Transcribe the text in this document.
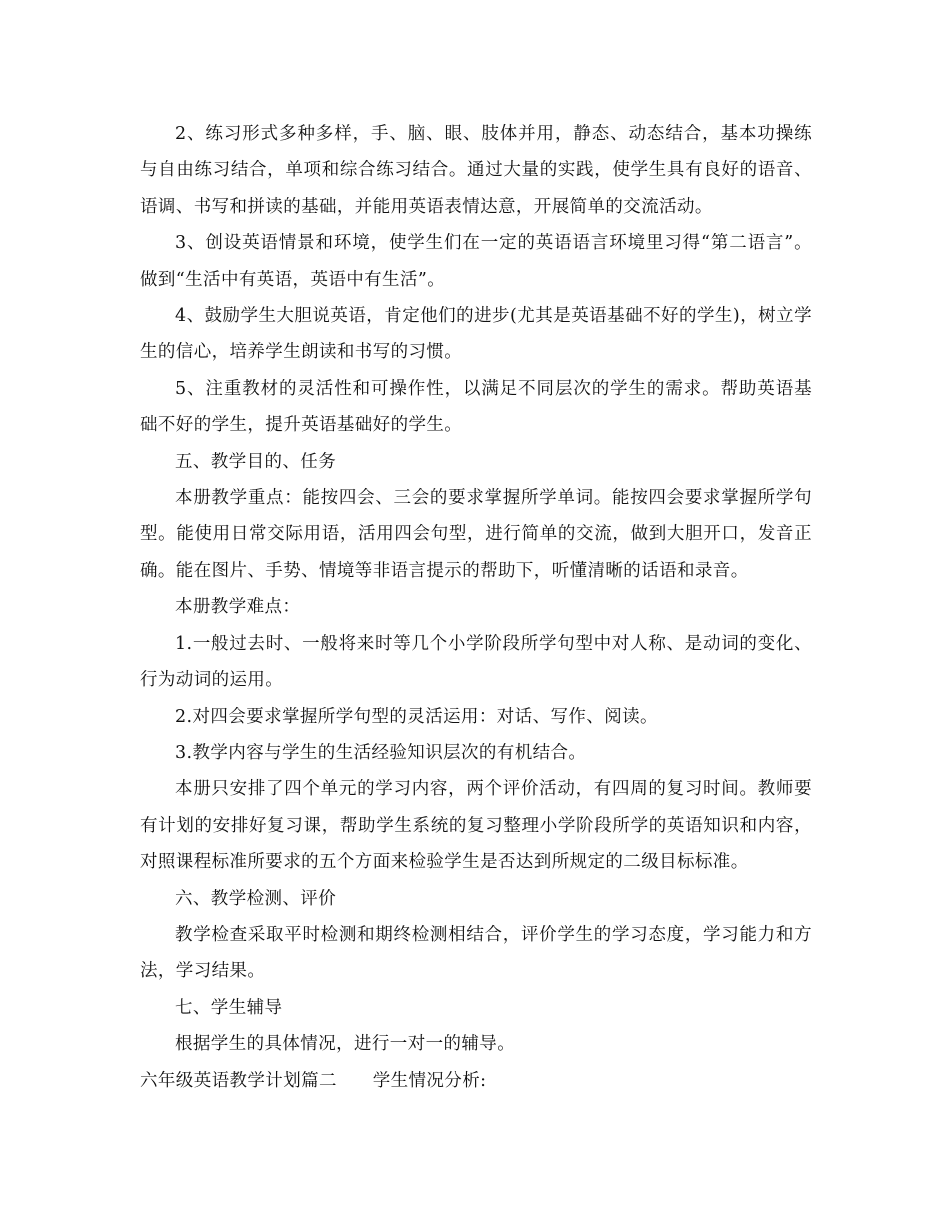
2、练习形式多种多样，手、脑、眼、肢体并用，静态、动态结合，基本功操练与自由练习结合，单项和综合练习结合。通过大量的实践，使学生具有良好的语音、语调、书写和拼读的基础，并能用英语表情达意，开展简单的交流活动。

3、创设英语情景和环境，使学生们在一定的英语语言环境里习得“第二语言”。做到“生活中有英语，英语中有生活”。

4、鼓励学生大胆说英语，肯定他们的进步(尤其是英语基础不好的学生)，树立学生的信心，培养学生朗读和书写的习惯。

5、注重教材的灵活性和可操作性，以满足不同层次的学生的需求。帮助英语基础不好的学生，提升英语基础好的学生。

五、教学目的、任务

本册教学重点：能按四会、三会的要求掌握所学单词。能按四会要求掌握所学句型。能使用日常交际用语，活用四会句型，进行简单的交流，做到大胆开口，发音正确。能在图片、手势、情境等非语言提示的帮助下，听懂清晰的话语和录音。

本册教学难点：

1.一般过去时、一般将来时等几个小学阶段所学句型中对人称、是动词的变化、行为动词的运用。

2.对四会要求掌握所学句型的灵活运用：对话、写作、阅读。

3.教学内容与学生的生活经验知识层次的有机结合。

本册只安排了四个单元的学习内容，两个评价活动，有四周的复习时间。教师要有计划的安排好复习课，帮助学生系统的复习整理小学阶段所学的英语知识和内容，对照课程标准所要求的五个方面来检验学生是否达到所规定的二级目标标准。

六、教学检测、评价

教学检查采取平时检测和期终检测相结合，评价学生的学习态度，学习能力和方法，学习结果。

七、学生辅导

根据学生的具体情况，进行一对一的辅导。

六年级英语教学计划篇二　　学生情况分析:
